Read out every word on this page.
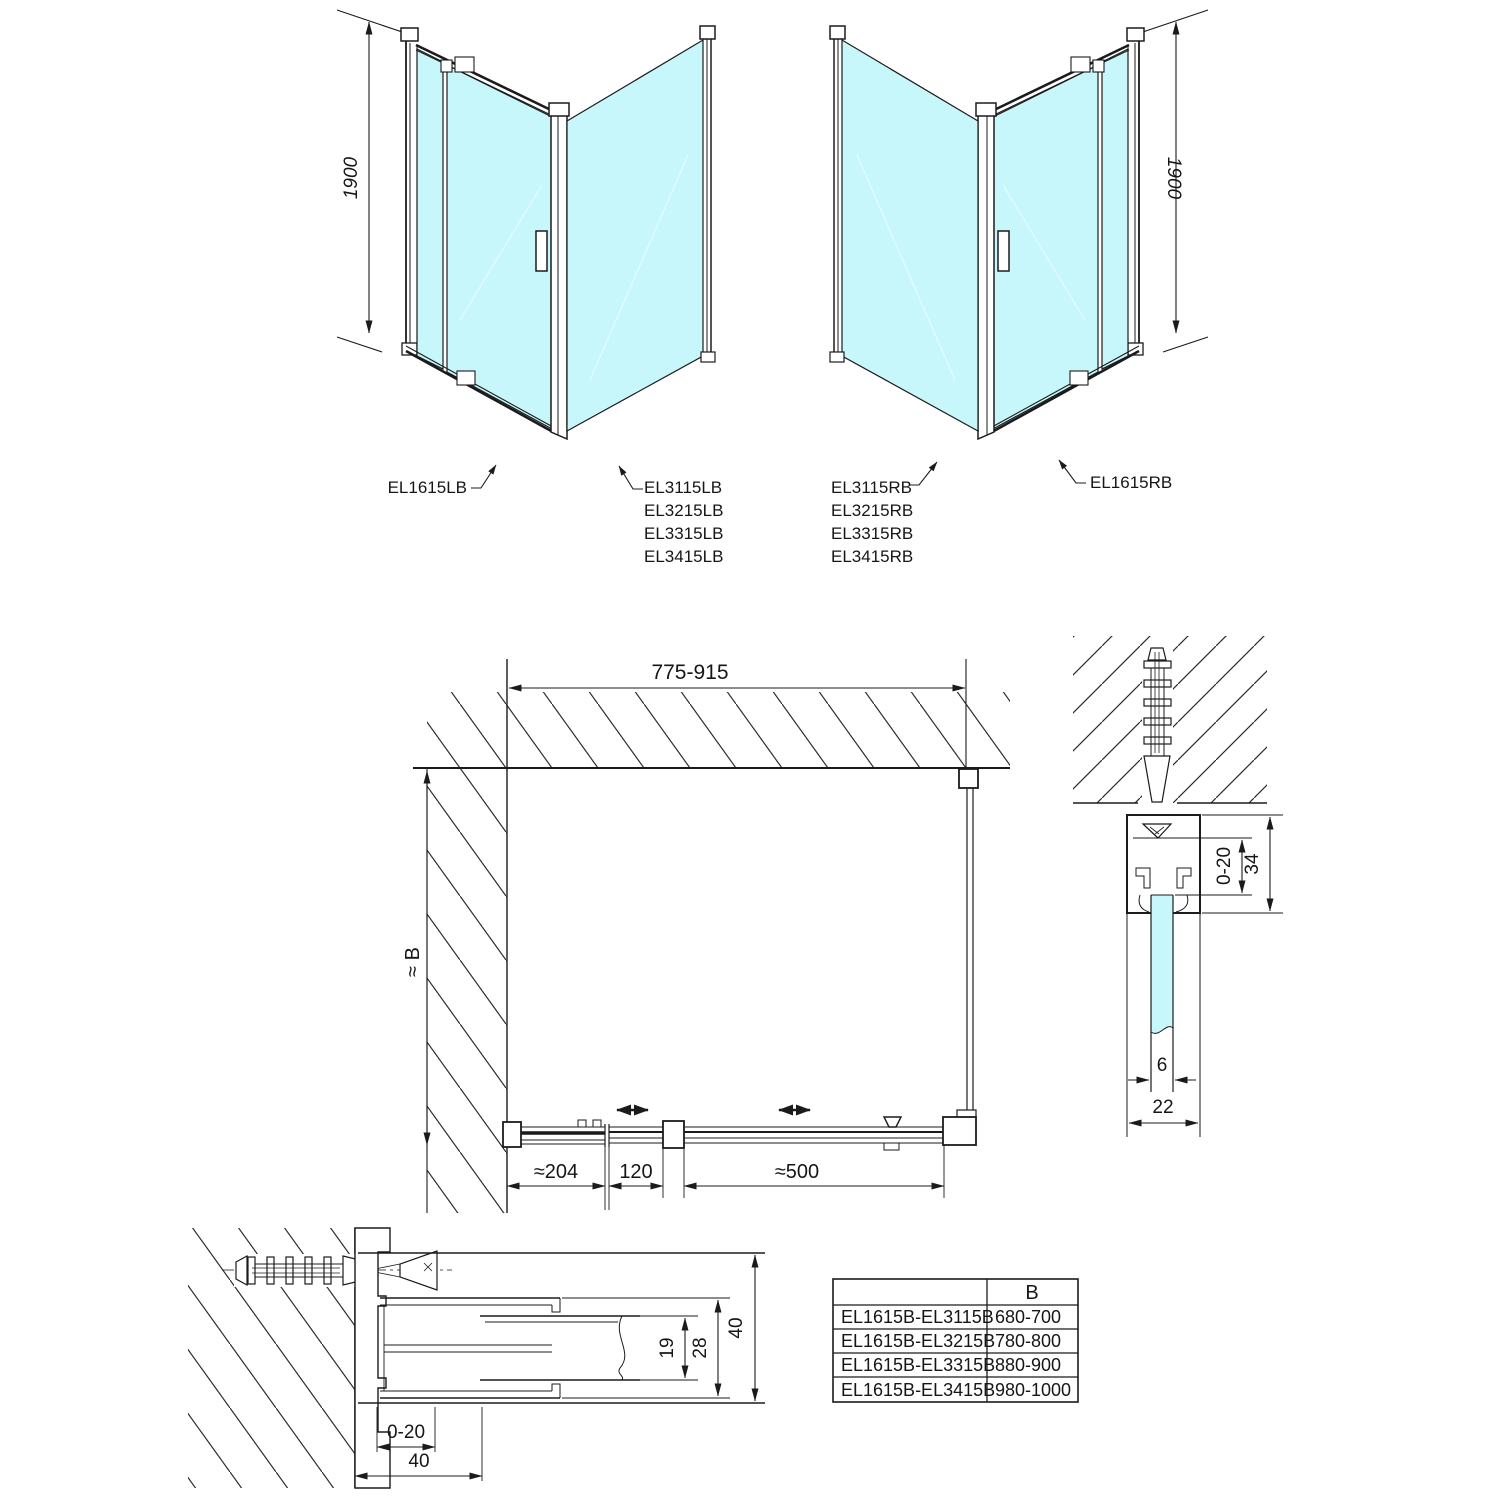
1900
EL1615LB	EL3115LB
EL3215LB
EL3315LB
EL3415LB
1900
EL1615RB
EL3115RB
EL3215RB
EL3315RB
EL3415RB
775-915
≈ B
≈204 120	≈500
0-20 34
6
22
0-20
40
19 28
40
B
EL1615B-EL3115B 680-700
EL1615B-EL3215B 780-800
EL1615B-EL3315B 880-900
EL1615B-EL3415B 980-1000
